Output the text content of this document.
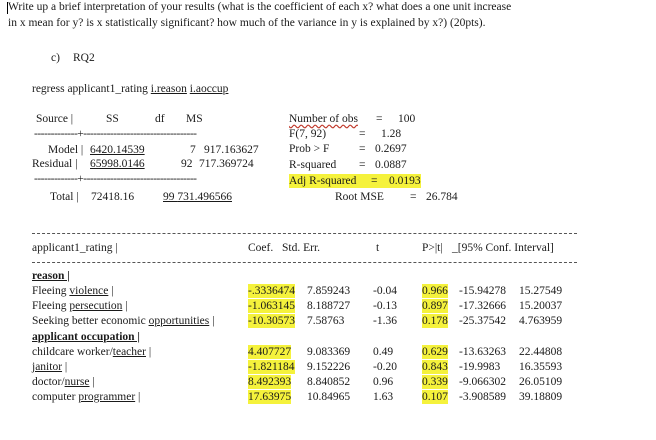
Write up a brief interpretation of your results (what is the coefficient of each x? what does a one unit increase
in x mean for y? is x statistically significant? how much of the variance in y is explained by x?) (20pts).
c) RQ2
regress applicant1_rating i.reason i.aoccup
Source |	SS	df MS
-------------+----------------------------------
Model | 6420.14539	7 917.163627
Residual | 65998.0146	92 717.369724
-------------+----------------------------------
Total | 72418.16	99 731.496566
Number of obs = 100
F(7, 92)	= 1.28
Prob > F	= 0.2697
R-squared = 0.0887
Adj R-squared = 0.0193
Root MSE = 26.784
applicant1_rating |	Coef. Std. Err.	t	P>|t| _[95% Conf. Interval]
reason |
Fleeing violence |	-.3336474 7.859243 -0.04 0.966 -15.94278 15.27549
Fleeing persecution |	-1.063145 8.188727 -0.13 0.897 -17.32666 15.20037
Seeking better economic opportunities |	-10.30573 7.58763 -1.36 0.178 -25.37542 4.763959
applicant occupation |
childcare worker/teacher |	4.407727 9.083369 0.49	0.629 -13.63263 22.44808
janitor |	-1.821184 9.152226 -0.20 0.843 -19.9983 16.35593
doctor/nurse |	8.492393 8.840852 0.96	0.339 -9.066302 26.05109
computer programmer |	17.63975 10.84965 1.63	0.107 -3.908589 39.18809
